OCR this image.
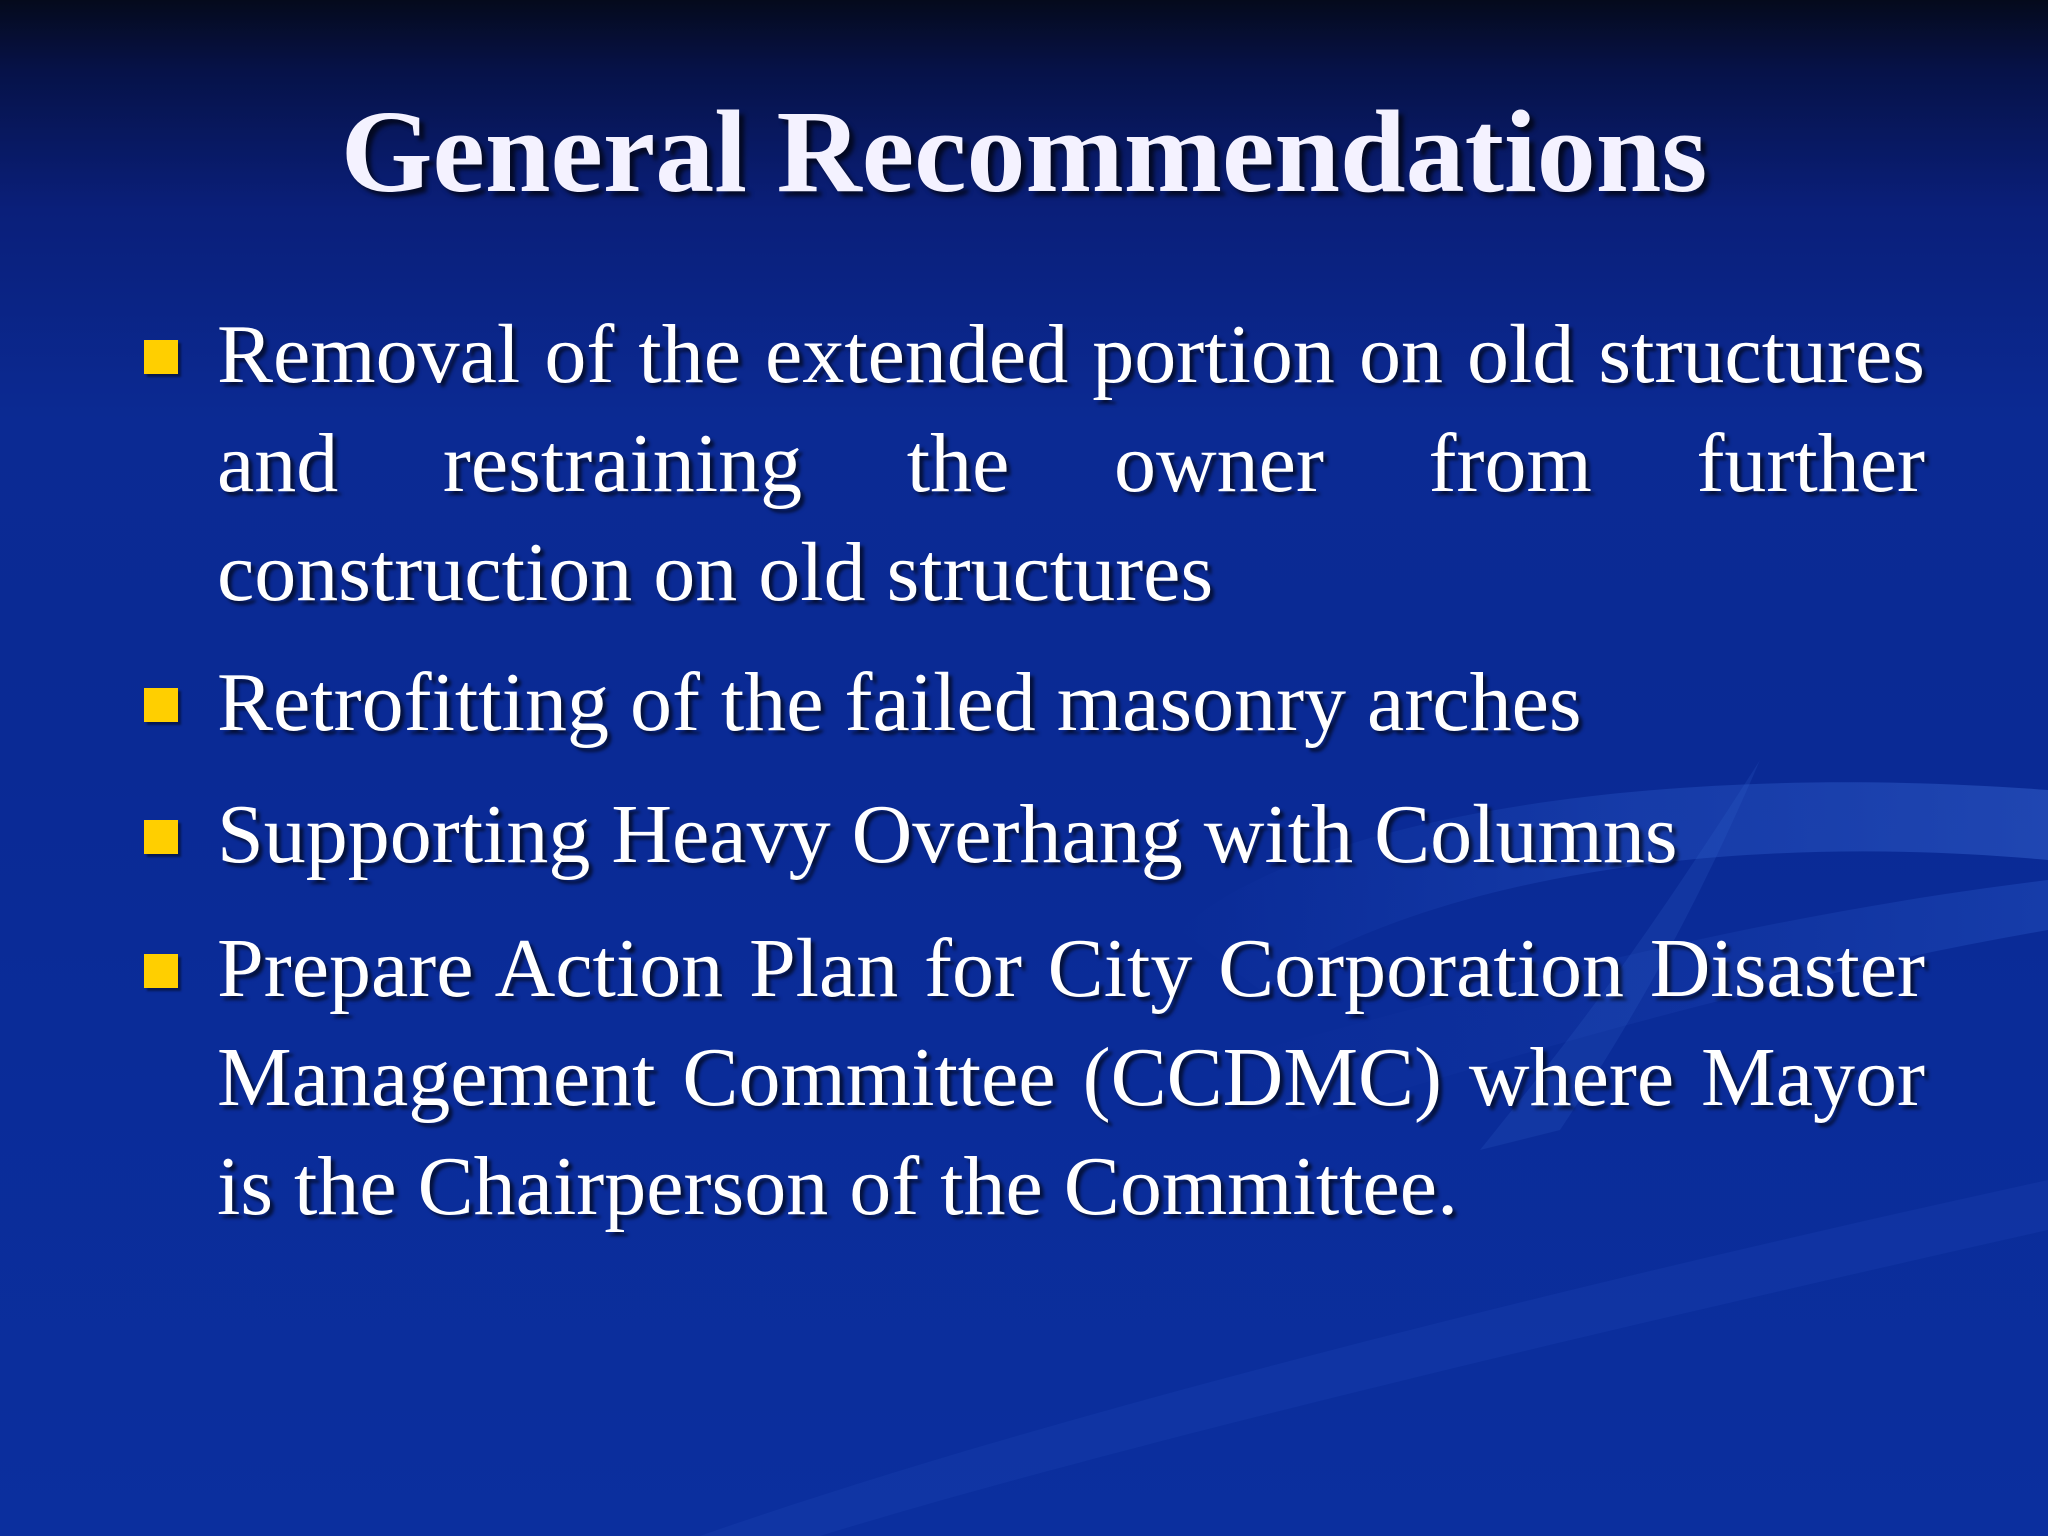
General Recommendations

Removal of the extended portion on old structures and restraining the owner from further construction on old structures

Retrofitting of the failed masonry arches

Supporting Heavy Overhang with Columns

Prepare Action Plan for City Corporation Disaster Management Committee (CCDMC) where Mayor is the Chairperson of the Committee.
